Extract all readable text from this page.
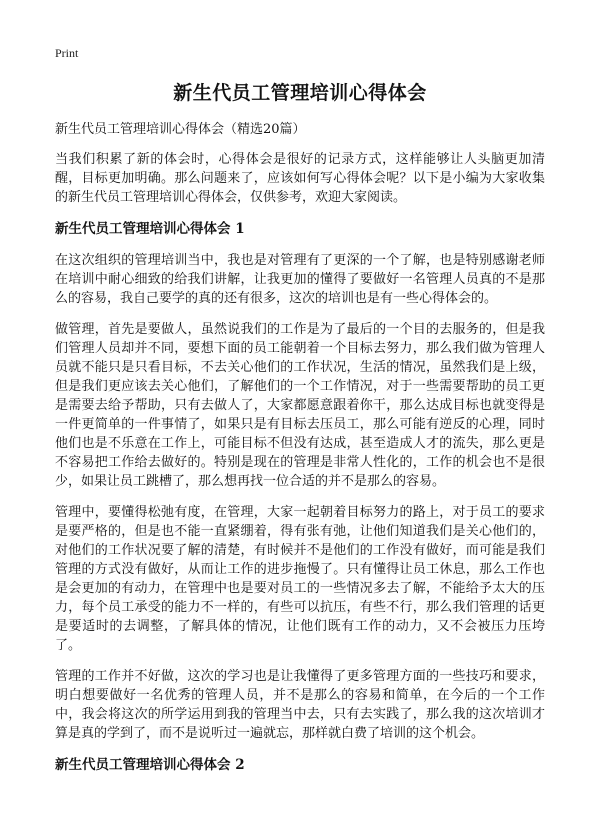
Print
新生代员工管理培训心得体会

新生代员工管理培训心得体会（精选20篇）

当我们积累了新的体会时，心得体会是很好的记录方式，这样能够让人头脑更加清醒，目标更加明确。那么问题来了，应该如何写心得体会呢？以下是小编为大家收集的新生代员工管理培训心得体会，仅供参考，欢迎大家阅读。

新生代员工管理培训心得体会 1

在这次组织的管理培训当中，我也是对管理有了更深的一个了解，也是特别感谢老师在培训中耐心细致的给我们讲解，让我更加的懂得了要做好一名管理人员真的不是那么的容易，我自己要学的真的还有很多，这次的培训也是有一些心得体会的。

做管理，首先是要做人，虽然说我们的工作是为了最后的一个目的去服务的，但是我们管理人员却并不同，要想下面的员工能朝着一个目标去努力，那么我们做为管理人员就不能只是只看目标，不去关心他们的工作状况，生活的情况，虽然我们是上级，但是我们更应该去关心他们，了解他们的一个工作情况，对于一些需要帮助的员工更是需要去给予帮助，只有去做人了，大家都愿意跟着你干，那么达成目标也就变得是一件更简单的一件事情了，如果只是有目标去压员工，那么可能有逆反的心理，同时他们也是不乐意在工作上，可能目标不但没有达成，甚至造成人才的流失，那么更是不容易把工作给去做好的。特别是现在的管理是非常人性化的，工作的机会也不是很少，如果让员工跳槽了，那么想再找一位合适的并不是那么的容易。

管理中，要懂得松弛有度，在管理，大家一起朝着目标努力的路上，对于员工的要求是要严格的，但是也不能一直紧绷着，得有张有弛，让他们知道我们是关心他们的，对他们的工作状况要了解的清楚，有时候并不是他们的工作没有做好，而可能是我们管理的方式没有做好，从而让工作的进步拖慢了。只有懂得让员工休息，那么工作也是会更加的有动力，在管理中也是要对员工的一些情况多去了解，不能给予太大的压力，每个员工承受的能力不一样的，有些可以抗压，有些不行，那么我们管理的话更是要适时的去调整，了解具体的情况，让他们既有工作的动力，又不会被压力压垮了。

管理的工作并不好做，这次的学习也是让我懂得了更多管理方面的一些技巧和要求，明白想要做好一名优秀的管理人员，并不是那么的容易和简单，在今后的一个工作中，我会将这次的所学运用到我的管理当中去，只有去实践了，那么我的这次培训才算是真的学到了，而不是说听过一遍就忘，那样就白费了培训的这个机会。

新生代员工管理培训心得体会 2
